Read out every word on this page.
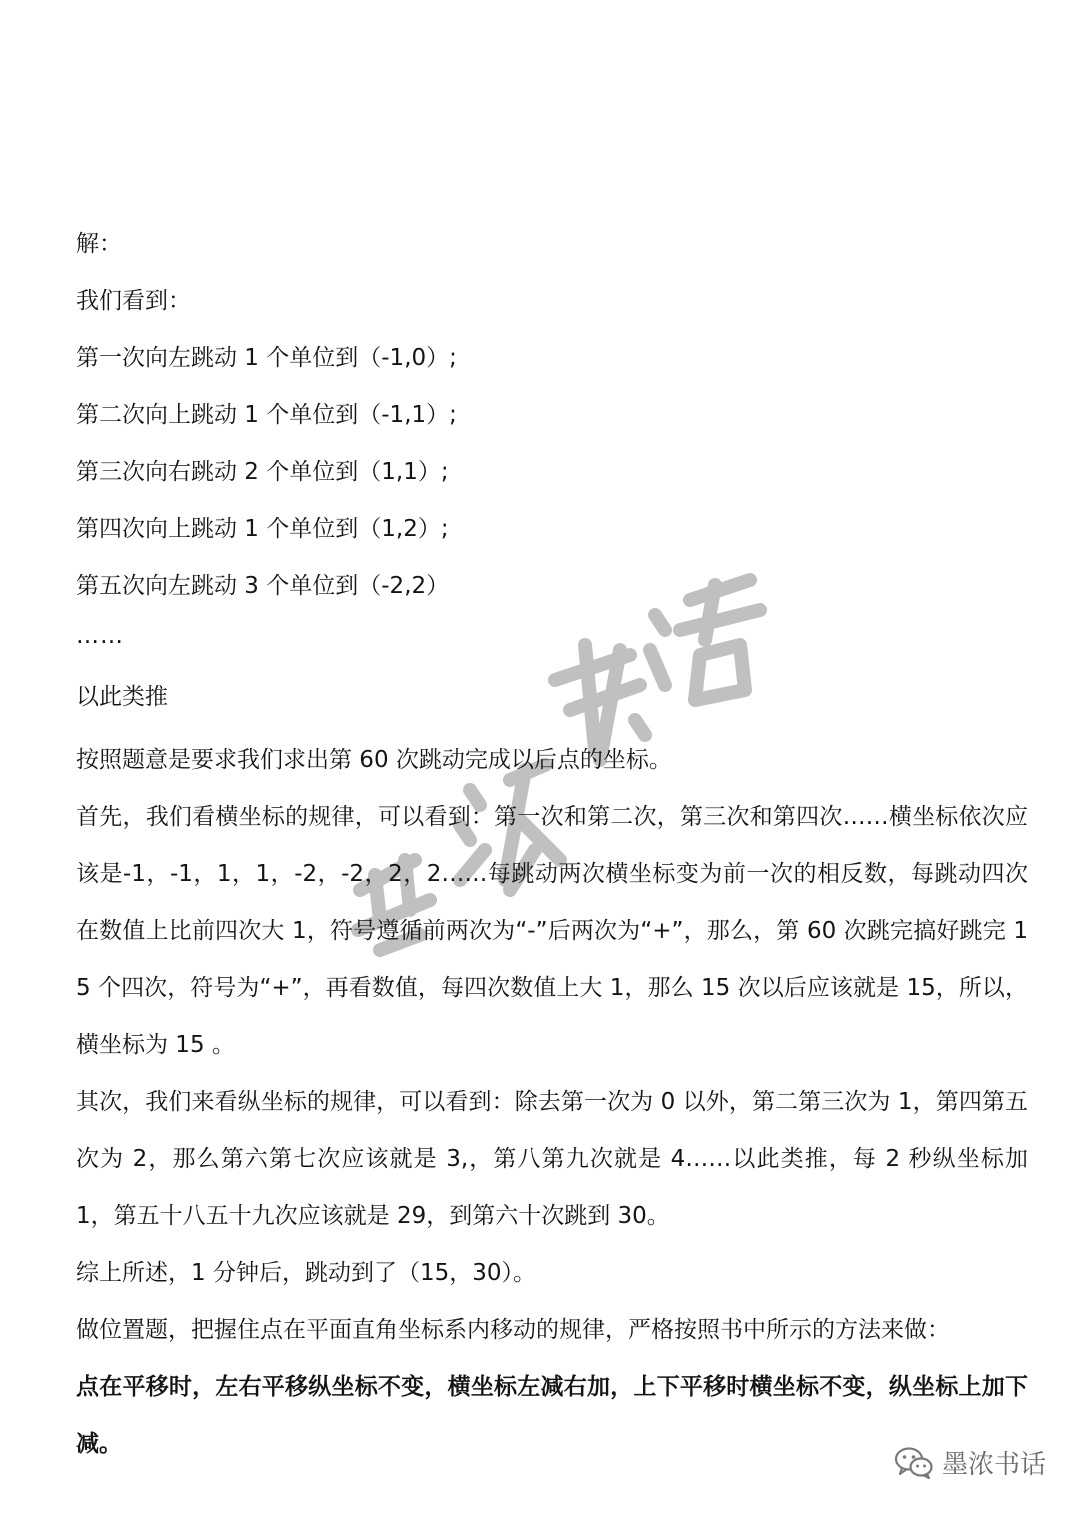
解：
我们看到：
第一次向左跳动 1 个单位到（-1,0）;
第二次向上跳动 1 个单位到（-1,1）;
第三次向右跳动 2 个单位到（1,1）;
第四次向上跳动 1 个单位到（1,2）;
第五次向左跳动 3 个单位到（-2,2）
……
以此类推
按照题意是要求我们求出第 60 次跳动完成以后点的坐标。
首先，我们看横坐标的规律，可以看到：第一次和第二次，第三次和第四次……横坐标依次应该是-1，-1，1，1，-2，-2，2，2……每跳动两次横坐标变为前一次的相反数，每跳动四次在数值上比前四次大 1，符号遵循前两次为“-”后两次为“+”，那么，第 60 次跳完搞好跳完 15 个四次，符号为“+”，再看数值，每四次数值上大 1，那么 15 次以后应该就是 15，所以，横坐标为 15 。
其次，我们来看纵坐标的规律，可以看到：除去第一次为 0 以外，第二第三次为 1，第四第五次为 2，那么第六第七次应该就是 3,，第八第九次就是 4……以此类推，每 2 秒纵坐标加 1，第五十八五十九次应该就是 29，到第六十次跳到 30。
综上所述，1 分钟后，跳动到了（15，30）。
做位置题，把握住点在平面直角坐标系内移动的规律，严格按照书中所示的方法来做：
点在平移时，左右平移纵坐标不变，横坐标左减右加，上下平移时横坐标不变，纵坐标上加下减。
墨浓书话
